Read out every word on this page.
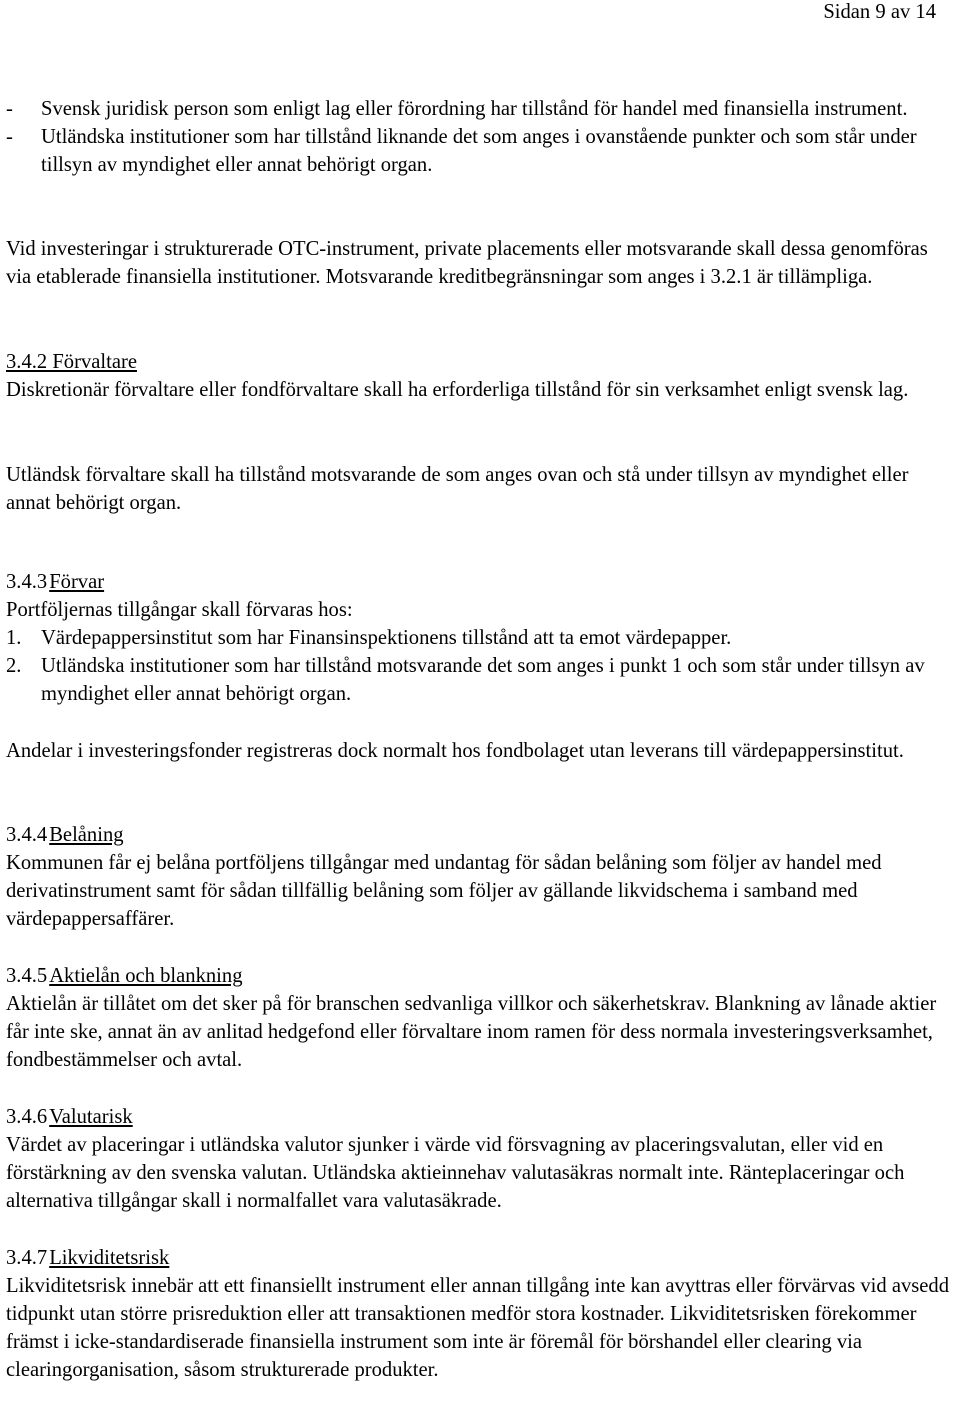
Sidan 9 av 14

- Svensk juridisk person som enligt lag eller förordning har tillstånd för handel med finansiella instrument.
- Utländska institutioner som har tillstånd liknande det som anges i ovanstående punkter och som står under tillsyn av myndighet eller annat behörigt organ.

Vid investeringar i strukturerade OTC-instrument, private placements eller motsvarande skall dessa genomföras via etablerade finansiella institutioner. Motsvarande kreditbegränsningar som anges i 3.2.1 är tillämpliga.

3.4.2 Förvaltare

Diskretionär förvaltare eller fondförvaltare skall ha erforderliga tillstånd för sin verksamhet enligt svensk lag.

Utländsk förvaltare skall ha tillstånd motsvarande de som anges ovan och stå under tillsyn av myndighet eller annat behörigt organ.

3.4.3Förvar

Portföljernas tillgångar skall förvaras hos:

1. Värdepappersinstitut som har Finansinspektionens tillstånd att ta emot värdepapper.
2. Utländska institutioner som har tillstånd motsvarande det som anges i punkt 1 och som står under tillsyn av myndighet eller annat behörigt organ.

Andelar i investeringsfonder registreras dock normalt hos fondbolaget utan leverans till värdepappersinstitut.

3.4.4Belåning

Kommunen får ej belåna portföljens tillgångar med undantag för sådan belåning som följer av handel med derivatinstrument samt för sådan tillfällig belåning som följer av gällande likvidschema i samband med värdepappersaffärer.

3.4.5Aktielån och blankning

Aktielån är tillåtet om det sker på för branschen sedvanliga villkor och säkerhetskrav. Blankning av lånade aktier får inte ske, annat än av anlitad hedgefond eller förvaltare inom ramen för dess normala investeringsverksamhet, fondbestämmelser och avtal.

3.4.6Valutarisk

Värdet av placeringar i utländska valutor sjunker i värde vid försvagning av placeringsvalutan, eller vid en förstärkning av den svenska valutan. Utländska aktieinnehav valutasäkras normalt inte. Ränteplaceringar och alternativa tillgångar skall i normalfallet vara valutasäkrade.

3.4.7Likviditetsrisk

Likviditetsrisk innebär att ett finansiellt instrument eller annan tillgång inte kan avyttras eller förvärvas vid avsedd tidpunkt utan större prisreduktion eller att transaktionen medför stora kostnader. Likviditetsrisken förekommer främst i icke-standardiserade finansiella instrument som inte är föremål för börshandel eller clearing via clearingorganisation, såsom strukturerade produkter.
